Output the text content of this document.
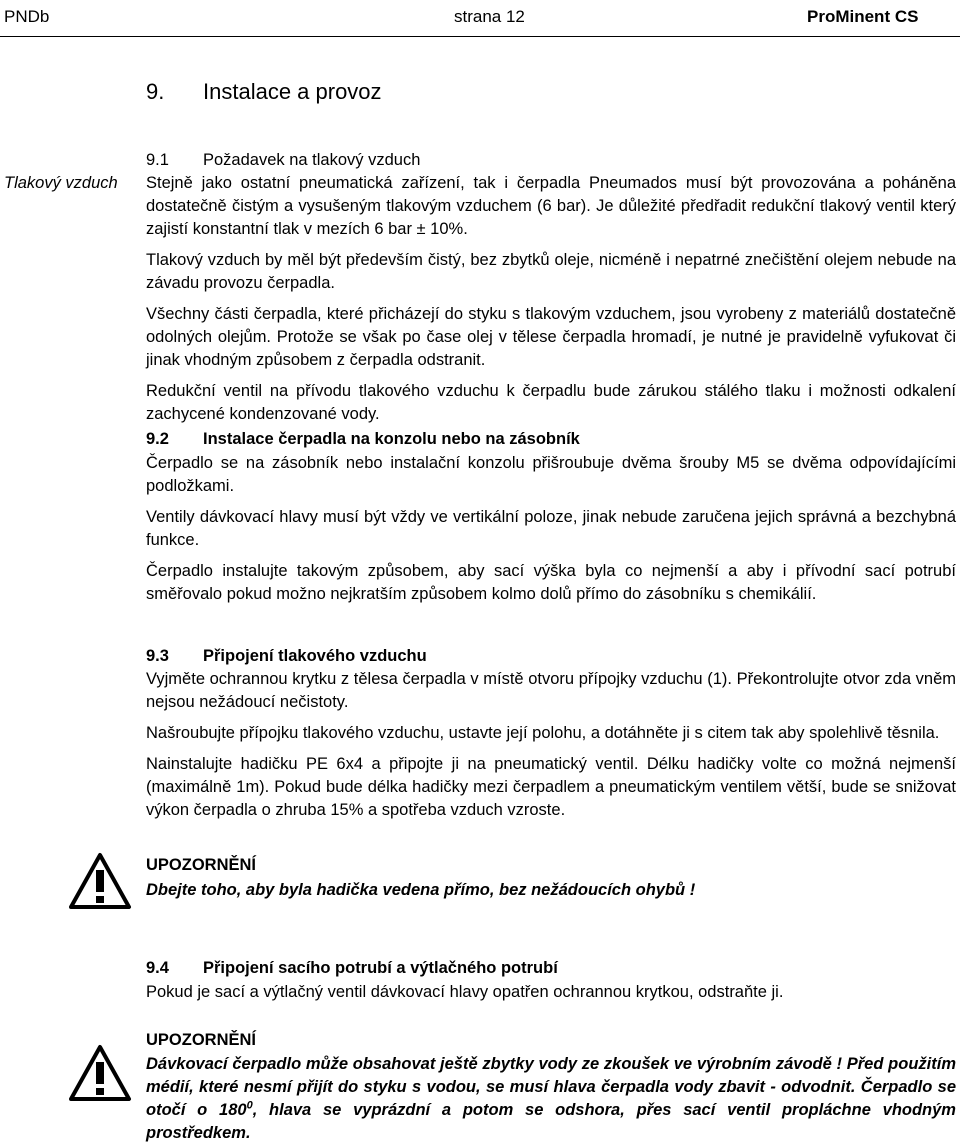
PNDb	strana 12	ProMinent CS
9. Instalace a provoz
Tlakový vzduch
9.1 Požadavek na tlakový vzduch

Stejně jako ostatní pneumatická zařízení, tak i čerpadla Pneumados musí být provozována a poháněna dostatečně čistým a vysušeným tlakovým vzduchem (6 bar). Je důležité předřadit redukční tlakový ventil který zajistí konstantní tlak v mezích 6 bar ± 10%.

Tlakový vzduch by měl být především čistý, bez zbytků oleje, nicméně i nepatrné znečištění olejem nebude na závadu provozu čerpadla.

Všechny části čerpadla, které přicházejí do styku s tlakovým vzduchem, jsou vyrobeny z materiálů dostatečně odolných olejům. Protože se však po čase olej v tělese čerpadla hromadí, je nutné je pravidelně vyfukovat či jinak vhodným způsobem z čerpadla odstranit.

Redukční ventil na přívodu tlakového vzduchu k čerpadlu bude zárukou stálého tlaku i možnosti odkalení zachycené kondenzované vody.

9.2 Instalace čerpadla na konzolu nebo na zásobník

Čerpadlo se na zásobník nebo instalační konzolu přišroubuje dvěma šrouby M5 se dvěma odpovídajícími podložkami.

Ventily dávkovací hlavy musí být vždy ve vertikální poloze, jinak nebude zaručena jejich správná a bezchybná funkce.

Čerpadlo instalujte takovým způsobem, aby sací výška byla co nejmenší a aby i přívodní sací potrubí směřovalo pokud možno nejkratším způsobem kolmo dolů přímo do zásobníku s chemikálií.

9.3 Připojení tlakového vzduchu

Vyjměte ochrannou krytku z tělesa čerpadla v místě otvoru přípojky vzduchu (1). Překontrolujte otvor zda vněm nejsou nežádoucí nečistoty.

Našroubujte přípojku tlakového vzduchu, ustavte její polohu, a dotáhněte ji s citem tak aby spolehlivě těsnila.

Nainstalujte hadičku PE 6x4 a připojte ji na pneumatický ventil. Délku hadičky volte co možná nejmenší (maximálně 1m). Pokud bude délka hadičky mezi čerpadlem a pneumatickým ventilem větší, bude se snižovat výkon čerpadla o zhruba 15% a spotřeba vzduch vzroste.

UPOZORNĚNÍ
Dbejte toho, aby byla hadička vedena přímo, bez nežádoucích ohybů !
9.4 Připojení sacího potrubí a výtlačného potrubí

Pokud je sací a výtlačný ventil dávkovací hlavy opatřen ochrannou krytkou, odstraňte ji.

UPOZORNĚNÍ
Dávkovací čerpadlo může obsahovat ještě zbytky vody ze zkoušek ve výrobním závodě ! Před použitím médií, které nesmí přijít do styku s vodou, se musí hlava čerpadla vody zbavit - odvodnit. Čerpadlo se otočí o $180^0$, hlava se vyprázdní a potom se odshora, přes sací ventil propláchne vhodným prostředkem.
